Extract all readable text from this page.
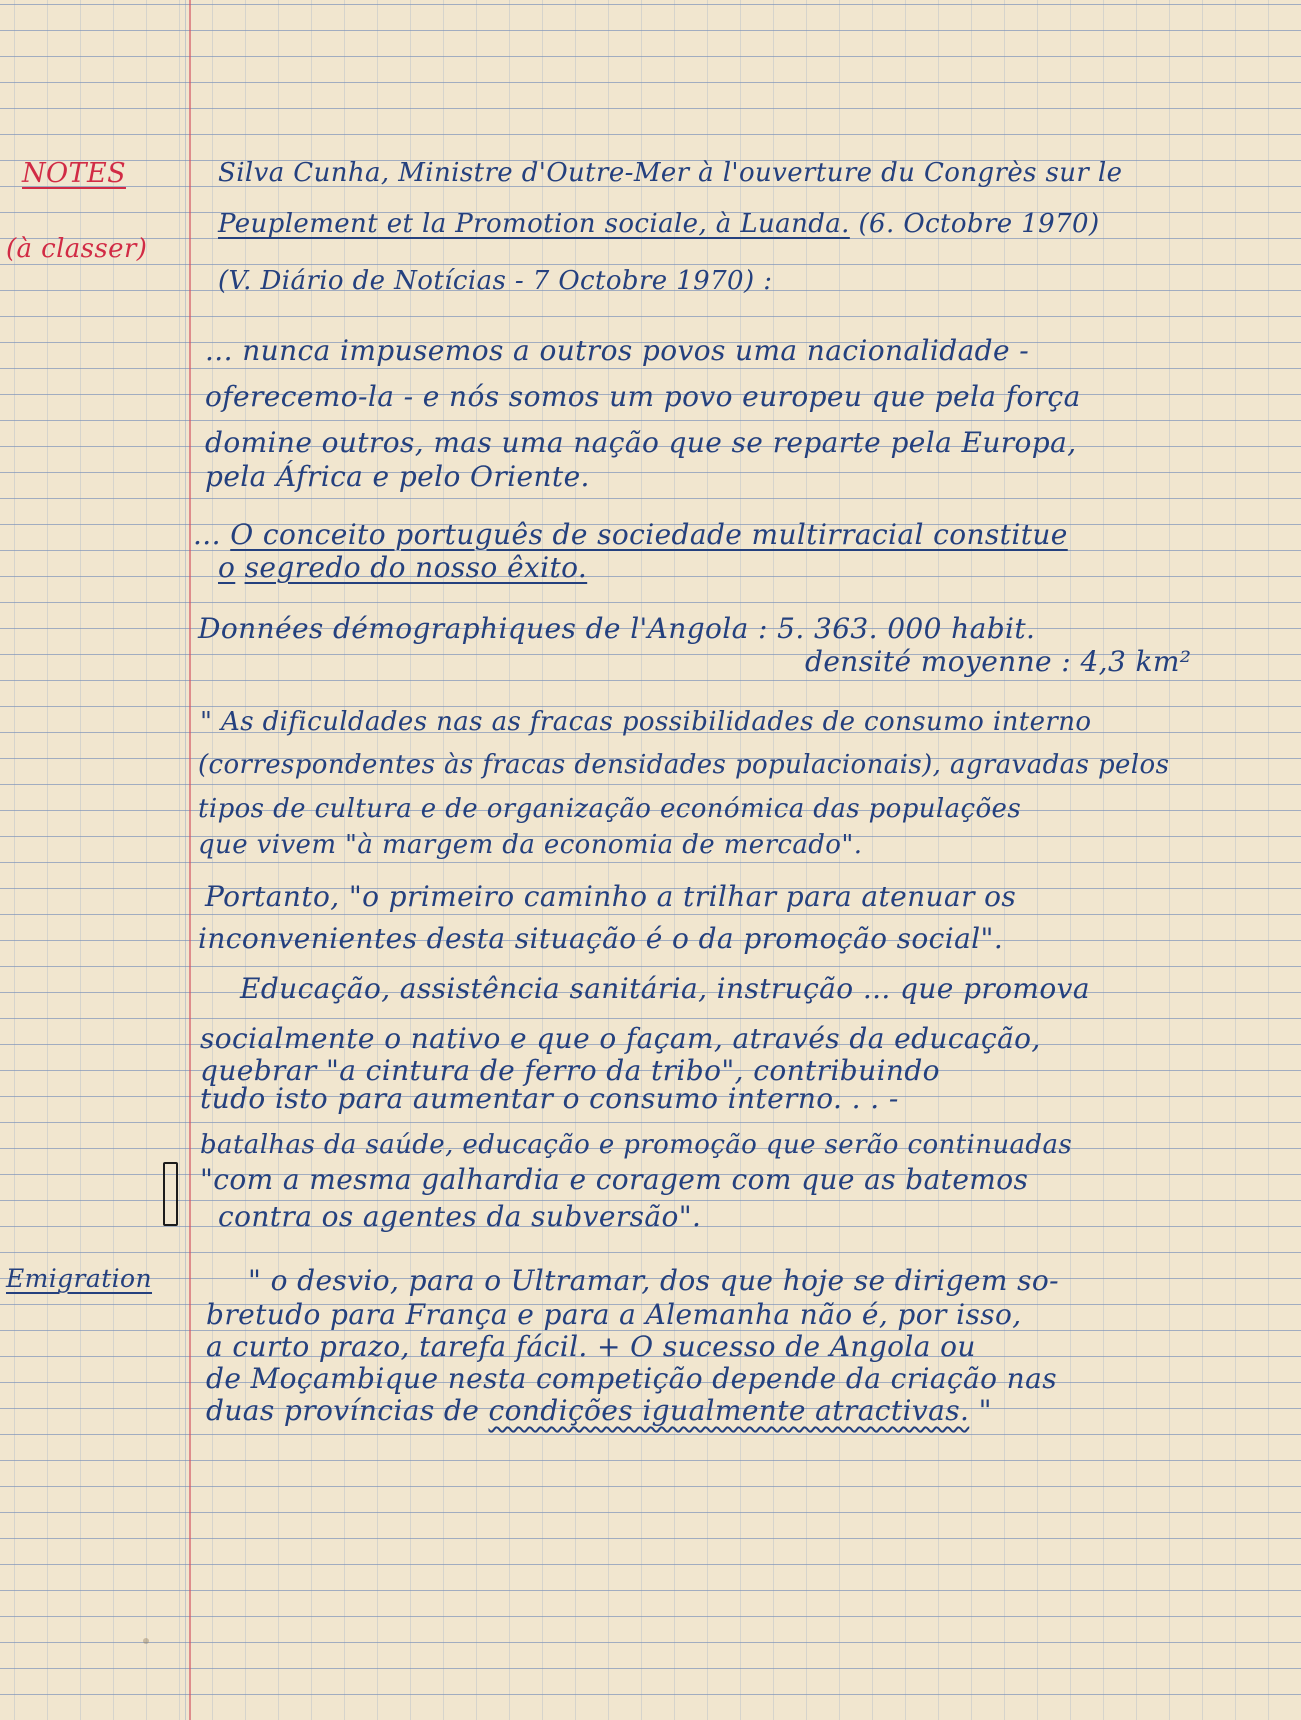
NOTES

(à classer)

Silva Cunha, Ministre d'Outre-Mer à l'ouverture du Congrès sur le

Peuplement et la Promotion sociale, à Luanda. (6. Octobre 1970)

(V. Diário de Notícias - 7 Octobre 1970) :

... nunca impusemos a outros povos uma nacionalidade -

oferecemo-la - e nós somos um povo europeu que pela força

domine outros, mas uma nação que se reparte pela Europa,

pela África e pelo Oriente.

... O conceito português de sociedade multirracial constitue

o segredo do nosso êxito.

Données démographiques de l'Angola : 5. 363. 000 habit.

densité moyenne : 4,3 km²

" As dificuldades nas as fracas possibilidades de consumo interno

(correspondentes às fracas densidades populacionais), agravadas pelos

tipos de cultura e de organização económica das populações

que vivem "à margem da economia de mercado".

Portanto, "o primeiro caminho a trilhar para atenuar os

inconvenientes desta situação é o da promoção social".

Educação, assistência sanitária, instrução ... que promova

socialmente o nativo e que o façam, através da educação,

quebrar "a cintura de ferro da tribo", contribuindo

tudo isto para aumentar o consumo interno. . . -

batalhas da saúde, educação e promoção que serão continuadas

"com a mesma galhardia e coragem com que as batemos

contra os agentes da subversão".

Emigration	" o desvio, para o Ultramar, dos que hoje se dirigem so-

bretudo para França e para a Alemanha não é, por isso,

a curto prazo, tarefa fácil. + O sucesso de Angola ou

de Moçambique nesta competição depende da criação nas

duas províncias de condições igualmente atractivas. "
